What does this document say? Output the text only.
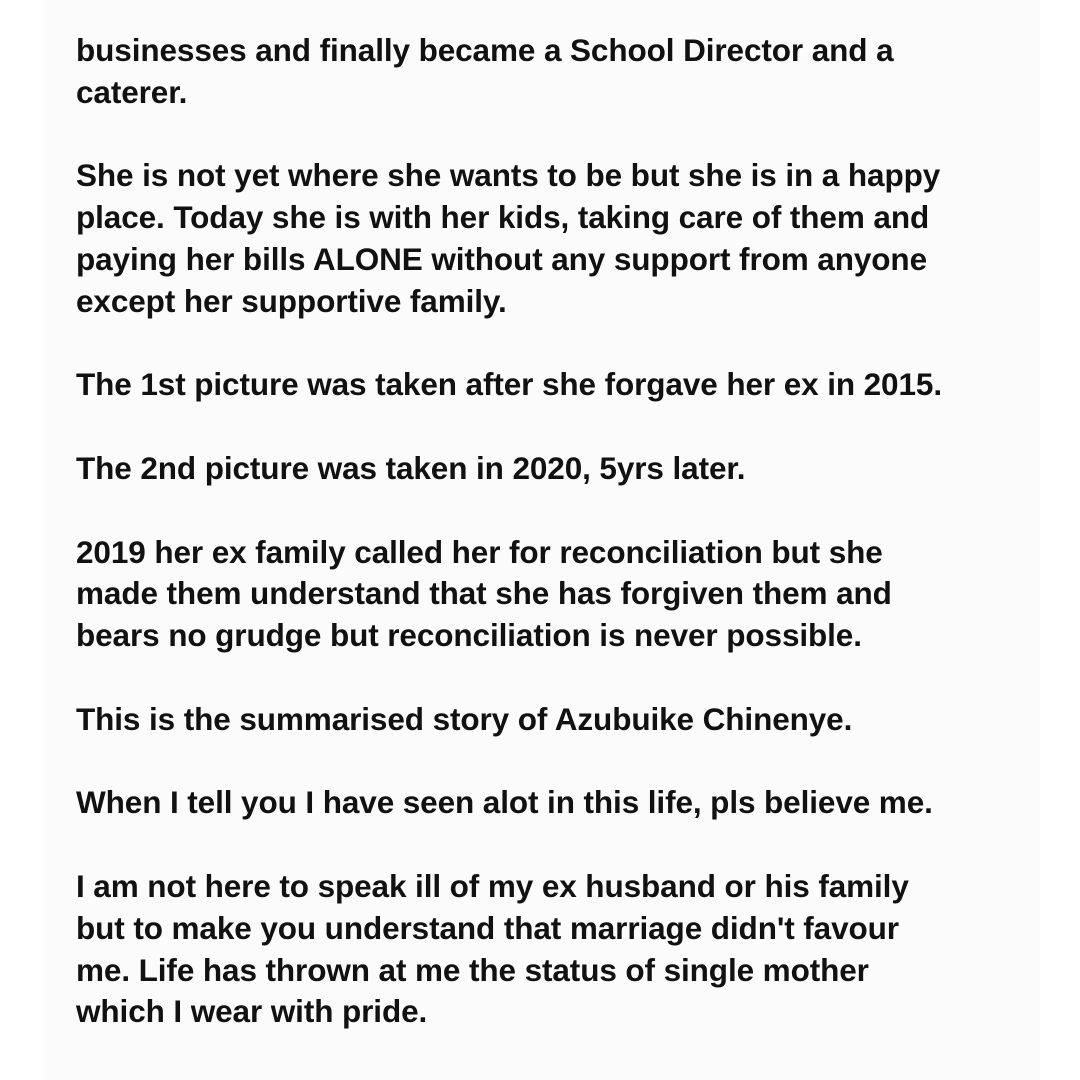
businesses and finally became a School Director and a
caterer.

She is not yet where she wants to be but she is in a happy
place. Today she is with her kids, taking care of them and
paying her bills ALONE without any support from anyone
except her supportive family.

The 1st picture was taken after she forgave her ex in 2015.

The 2nd picture was taken in 2020, 5yrs later.

2019 her ex family called her for reconciliation but she
made them understand that she has forgiven them and
bears no grudge but reconciliation is never possible.

This is the summarised story of Azubuike Chinenye.

When I tell you I have seen alot in this life, pls believe me.

I am not here to speak ill of my ex husband or his family
but to make you understand that marriage didn't favour
me. Life has thrown at me the status of single mother
which I wear with pride.
